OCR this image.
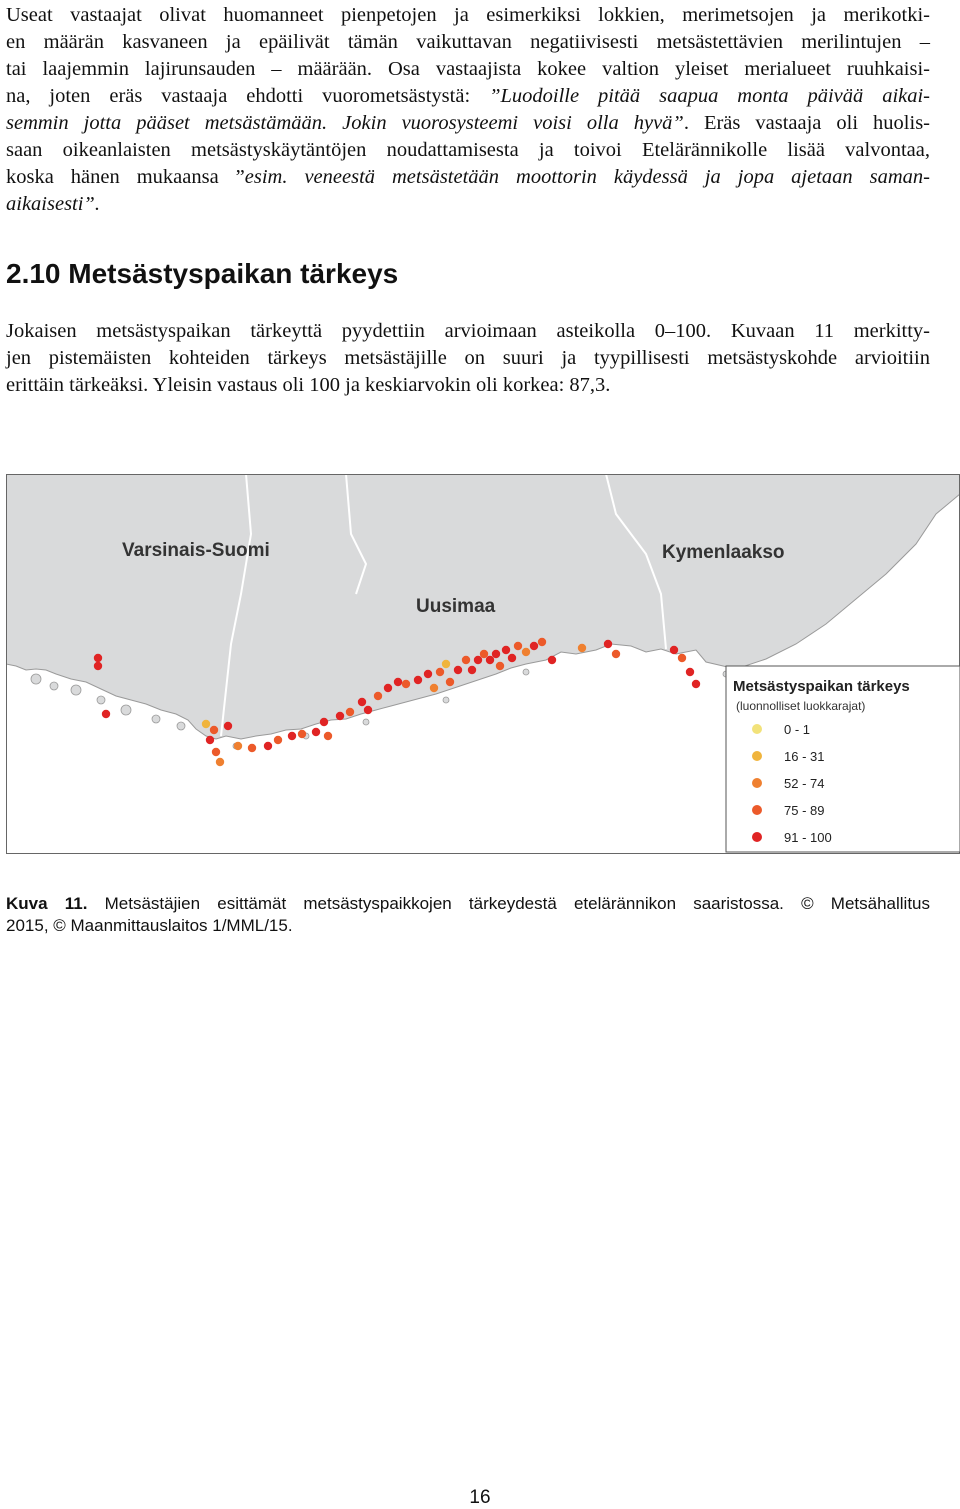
Useat vastaajat olivat huomanneet pienpetojen ja esimerkiksi lokkien, merimetsojen ja merikotki-
en määrän kasvaneen ja epäilivät tämän vaikuttavan negatiivisesti metsästettävien merilintujen –
tai laajemmin lajirunsauden – määrään. Osa vastaajista kokee valtion yleiset merialueet ruuhkaisi-
na, joten eräs vastaaja ehdotti vuorometsästystä: ”Luodoille pitää saapua monta päivää aikai-
semmin jotta pääset metsästämään. Jokin vuorosysteemi voisi olla hyvä”. Eräs vastaaja oli huolis-
saan oikeanlaisten metsästyskäytäntöjen noudattamisesta ja toivoi Etelärännikolle lisää valvontaa,
koska hänen mukaansa ”esim. veneestä metsästetään moottorin käydessä ja jopa ajetaan saman-
aikaisesti”.
2.10 Metsästyspaikan tärkeys
Jokaisen metsästyspaikan tärkeyttä pyydettiin arvioimaan asteikolla 0–100. Kuvaan 11 merkitty-
jen pistemäisten kohteiden tärkeys metsästäjille on suuri ja tyypillisesti metsästyskohde arvioitiin
erittäin tärkeäksi. Yleisin vastaus oli 100 ja keskiarvokin oli korkea: 87,3.
Varsinais-Suomi
Uusimaa
Kymenlaakso
Metsästyspaikan tärkeys
(luonnolliset luokkarajat)
0 - 1
16 - 31
52 - 74
75 - 89
91 - 100

Kuva 11. Metsästäjien esittämät metsästyspaikkojen tärkeydestä etelärännikon saaristossa. © Metsähallitus
2015, © Maanmittauslaitos 1/MML/15.

16
